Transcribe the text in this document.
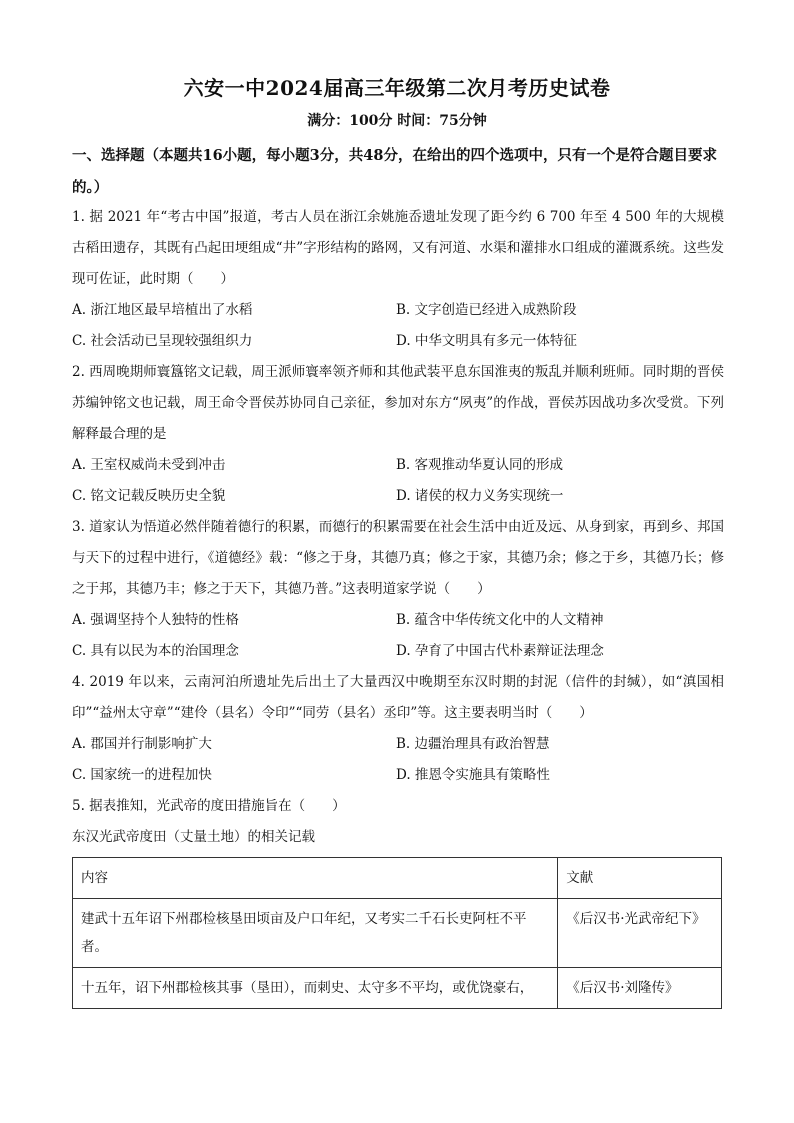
六安一中2024届高三年级第二次月考历史试卷
满分：100分 时间：75分钟
一、选择题（本题共16小题，每小题3分，共48分，在给出的四个选项中，只有一个是符合题目要求的。）

1. 据 2021 年“考古中国”报道，考古人员在浙江余姚施岙遗址发现了距今约 6 700 年至 4 500 年的大规模古稻田遗存，其既有凸起田埂组成“井”字形结构的路网，又有河道、水渠和灌排水口组成的灌溉系统。这些发现可佐证，此时期（　　）

A. 浙江地区最早培植出了水稻	B. 文字创造已经进入成熟阶段
C. 社会活动已呈现较强组织力	D. 中华文明具有多元一体特征

2. 西周晚期师寰簋铭文记载，周王派师寰率领齐师和其他武装平息东国淮夷的叛乱并顺利班师。同时期的晋侯苏编钟铭文也记载，周王命令晋侯苏协同自己亲征，参加对东方“夙夷”的作战，晋侯苏因战功多次受赏。下列解释最合理的是

A. 王室权威尚未受到冲击	B. 客观推动华夏认同的形成
C. 铭文记载反映历史全貌	D. 诸侯的权力义务实现统一

3. 道家认为悟道必然伴随着德行的积累，而德行的积累需要在社会生活中由近及远、从身到家，再到乡、邦国与天下的过程中进行，《道德经》载：“修之于身，其德乃真；修之于家，其德乃余；修之于乡，其德乃长；修之于邦，其德乃丰；修之于天下，其德乃普。”这表明道家学说（　　）

A. 强调坚持个人独特的性格	B. 蕴含中华传统文化中的人文精神
C. 具有以民为本的治国理念	D. 孕育了中国古代朴素辩证法理念

4. 2019 年以来，云南河泊所遗址先后出土了大量西汉中晚期至东汉时期的封泥（信件的封缄），如“滇国相印”“益州太守章”“建伶（县名）令印”“同劳（县名）丞印”等。这主要表明当时（　　）

A. 郡国并行制影响扩大	B. 边疆治理具有政治智慧
C. 国家统一的进程加快	D. 推恩令实施具有策略性

5. 据表推知，光武帝的度田措施旨在（　　）

东汉光武帝度田（丈量土地）的相关记载

内容	文献
建武十五年诏下州郡检核垦田顷亩及户口年纪，又考实二千石长吏阿枉不平者。	《后汉书·光武帝纪下》
十五年，诏下州郡检核其事（垦田），而刺史、太守多不平均，或优饶豪右，	《后汉书·刘隆传》
